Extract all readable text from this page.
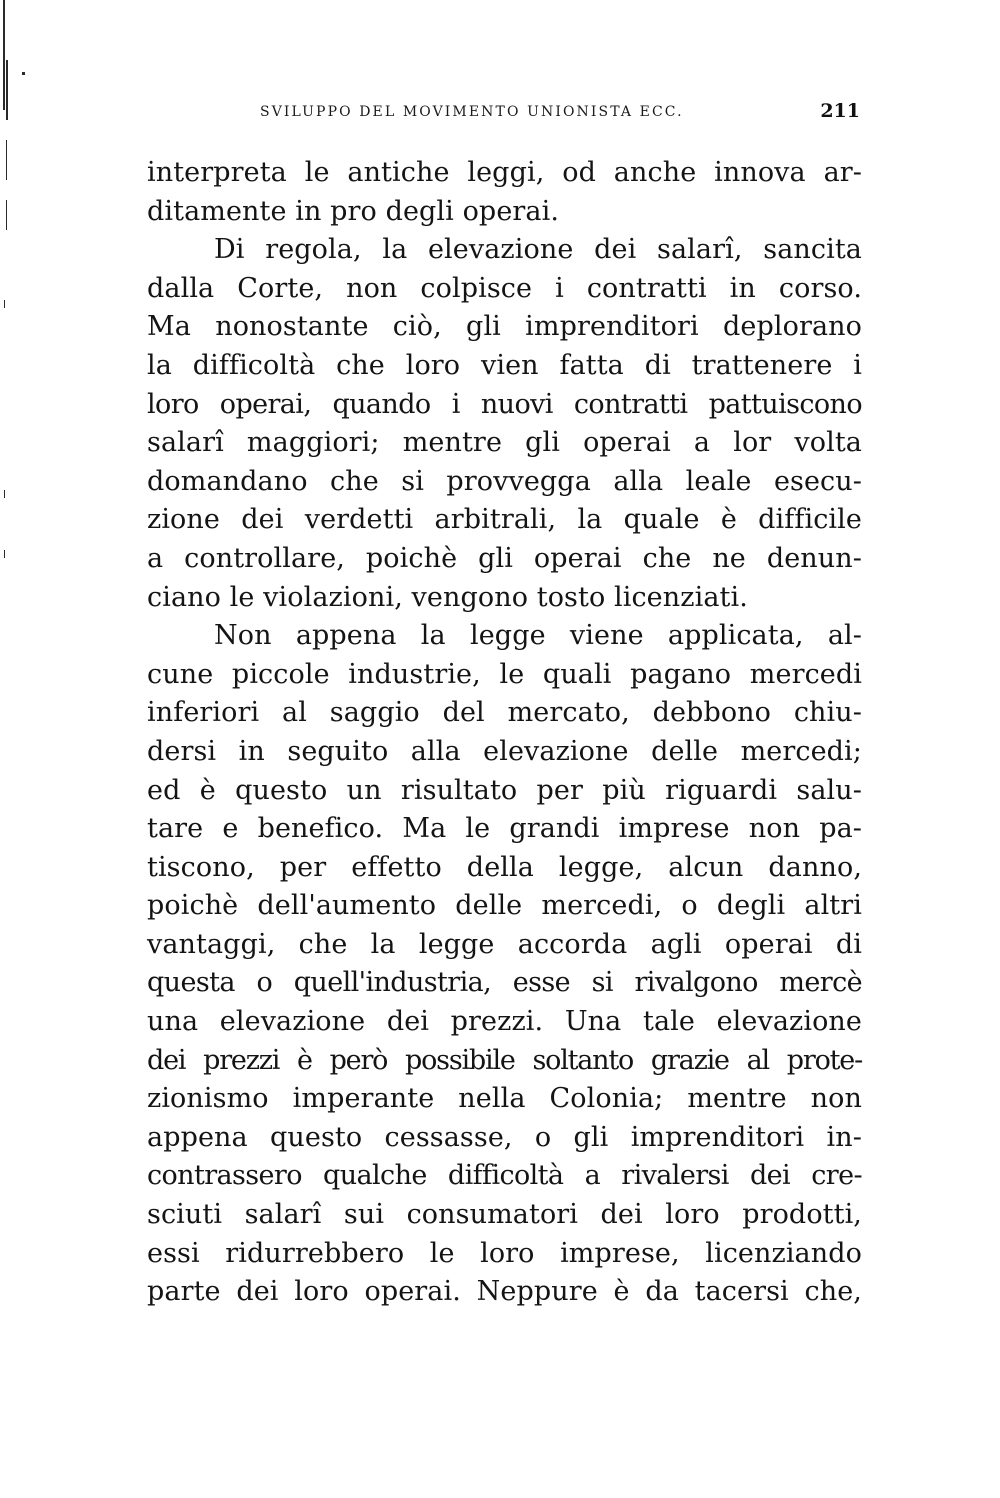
SVILUPPO DEL MOVIMENTO UNIONISTA ECC.	211
interpreta le antiche leggi, od anche innova ar-
ditamente in pro degli operai.
Di regola, la elevazione dei salarî, sancita
dalla Corte, non colpisce i contratti in corso.
Ma nonostante ciò, gli imprenditori deplorano
la difficoltà che loro vien fatta di trattenere i
loro operai, quando i nuovi contratti pattuiscono
salarî maggiori; mentre gli operai a lor volta
domandano che si provvegga alla leale esecu-
zione dei verdetti arbitrali, la quale è difficile
a controllare, poichè gli operai che ne denun-
ciano le violazioni, vengono tosto licenziati.
Non appena la legge viene applicata, al-
cune piccole industrie, le quali pagano mercedi
inferiori al saggio del mercato, debbono chiu-
dersi in seguito alla elevazione delle mercedi;
ed è questo un risultato per più riguardi salu-
tare e benefico. Ma le grandi imprese non pa-
tiscono, per effetto della legge, alcun danno,
poichè dell'aumento delle mercedi, o degli altri
vantaggi, che la legge accorda agli operai di
questa o quell'industria, esse si rivalgono mercè
una elevazione dei prezzi. Una tale elevazione
dei prezzi è però possibile soltanto grazie al prote-
zionismo imperante nella Colonia; mentre non
appena questo cessasse, o gli imprenditori in-
contrassero qualche difficoltà a rivalersi dei cre-
sciuti salarî sui consumatori dei loro prodotti,
essi ridurrebbero le loro imprese, licenziando
parte dei loro operai. Neppure è da tacersi che,
